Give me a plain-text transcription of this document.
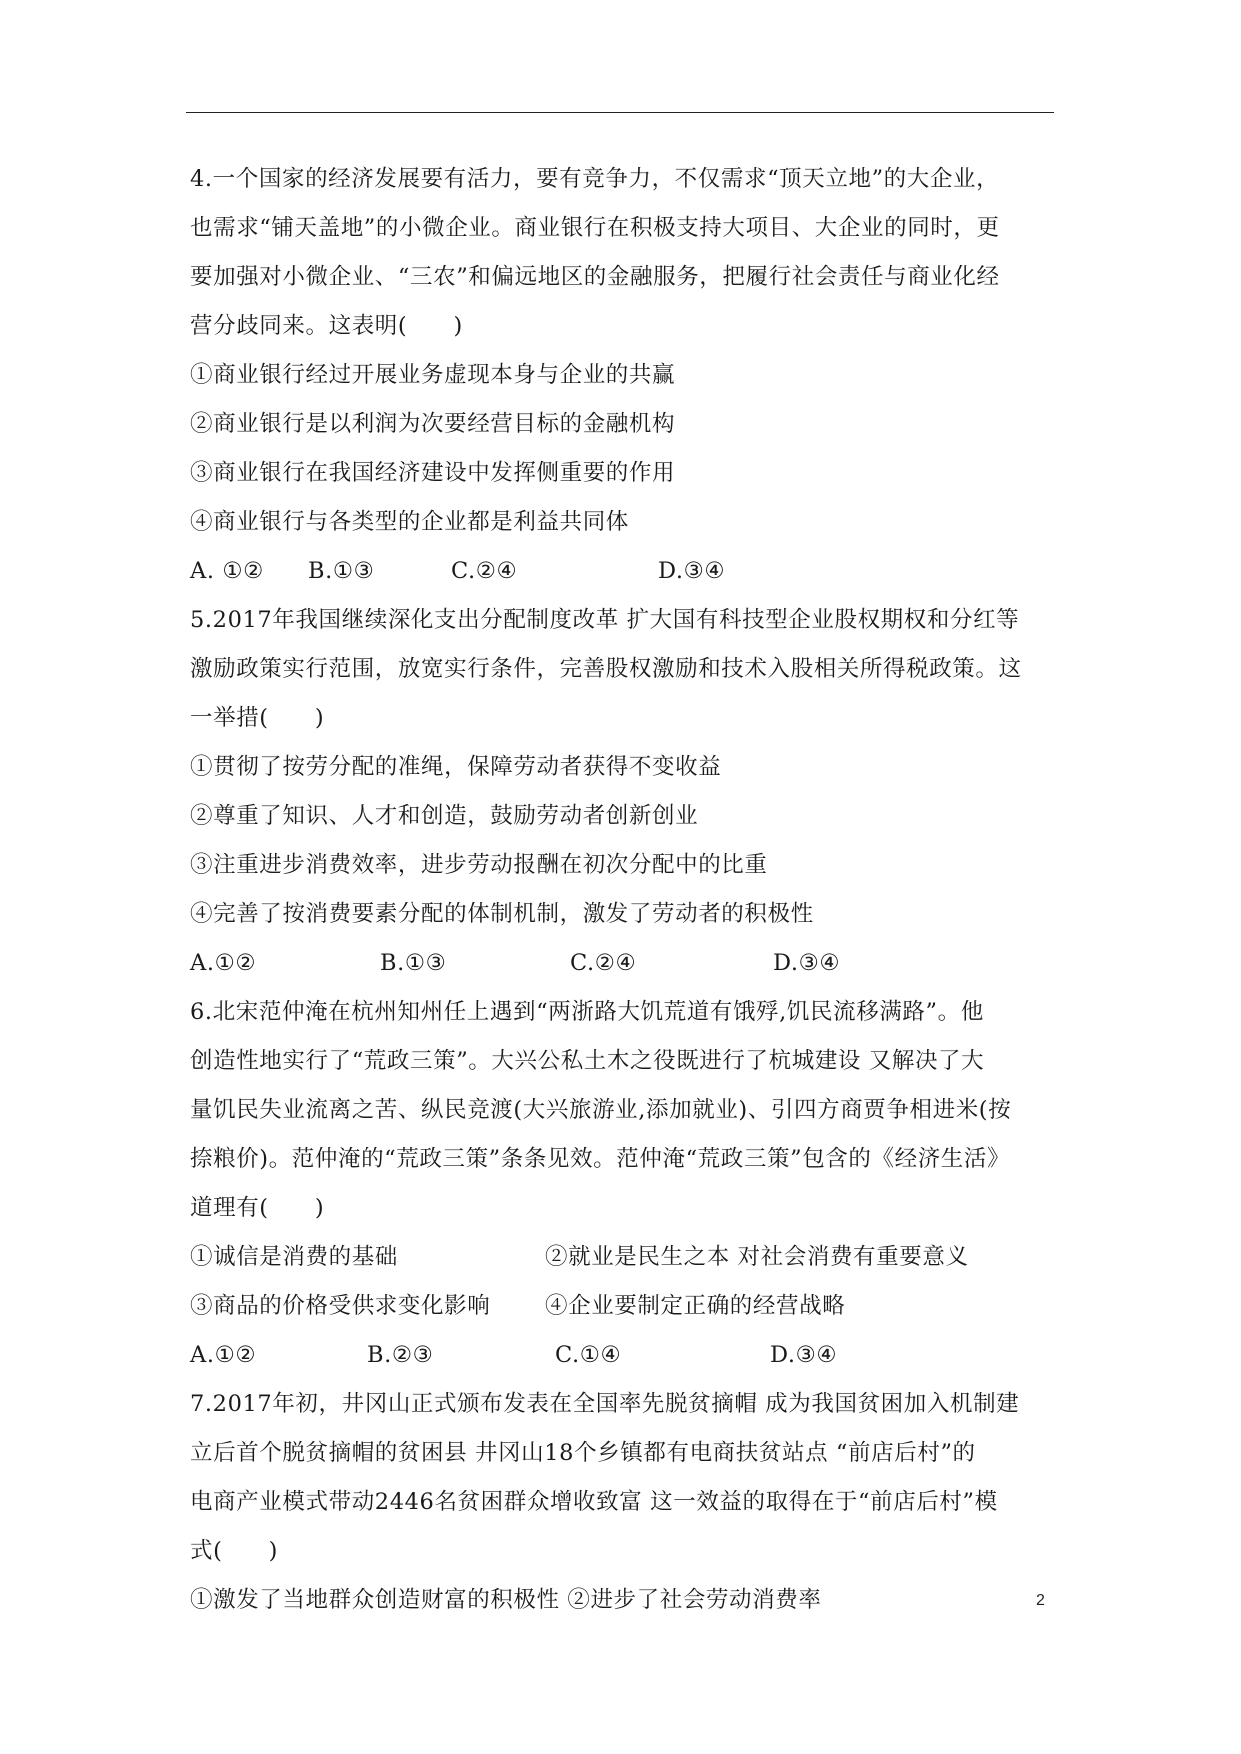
4.一个国家的经济发展要有活力，要有竞争力，不仅需求“顶天立地”的大企业，
也需求“铺天盖地”的小微企业。商业银行在积极支持大项目、大企业的同时，更
要加强对小微企业、“三农”和偏远地区的金融服务，把履行社会责任与商业化经
营分歧同来。这表明(　　)
①商业银行经过开展业务虚现本身与企业的共赢
②商业银行是以利润为次要经营目标的金融机构
③商业银行在我国经济建设中发挥侧重要的作用
④商业银行与各类型的企业都是利益共同体
A. ①② B.①③	C.②④	D.③④
5.2017年我国继续深化支出分配制度改革 扩大国有科技型企业股权期权和分红等
激励政策实行范围，放宽实行条件，完善股权激励和技术入股相关所得税政策。这
一举措(　　)
①贯彻了按劳分配的准绳，保障劳动者获得不变收益
②尊重了知识、人才和创造，鼓励劳动者创新创业
③注重进步消费效率，进步劳动报酬在初次分配中的比重
④完善了按消费要素分配的体制机制，激发了劳动者的积极性
A.①②	B.①③	C.②④	D.③④
6.北宋范仲淹在杭州知州任上遇到“两浙路大饥荒道有饿殍,饥民流移满路”。他
创造性地实行了“荒政三策”。大兴公私土木之役既进行了杭城建设 又解决了大
量饥民失业流离之苦、纵民竞渡(大兴旅游业,添加就业)、引四方商贾争相进米(按
捺粮价)。范仲淹的“荒政三策”条条见效。范仲淹“荒政三策”包含的《经济生活》
道理有(　　)
①诚信是消费的基础	②就业是民生之本 对社会消费有重要意义
③商品的价格受供求变化影响 ④企业要制定正确的经营战略
A.①②	B.②③	C.①④	D.③④
7.2017年初，井冈山正式颁布发表在全国率先脱贫摘帽 成为我国贫困加入机制建
立后首个脱贫摘帽的贫困县 井冈山18个乡镇都有电商扶贫站点 “前店后村”的
电商产业模式带动2446名贫困群众增收致富 这一效益的取得在于“前店后村”模
式(　　)
①激发了当地群众创造财富的积极性 ②进步了社会劳动消费率	2
